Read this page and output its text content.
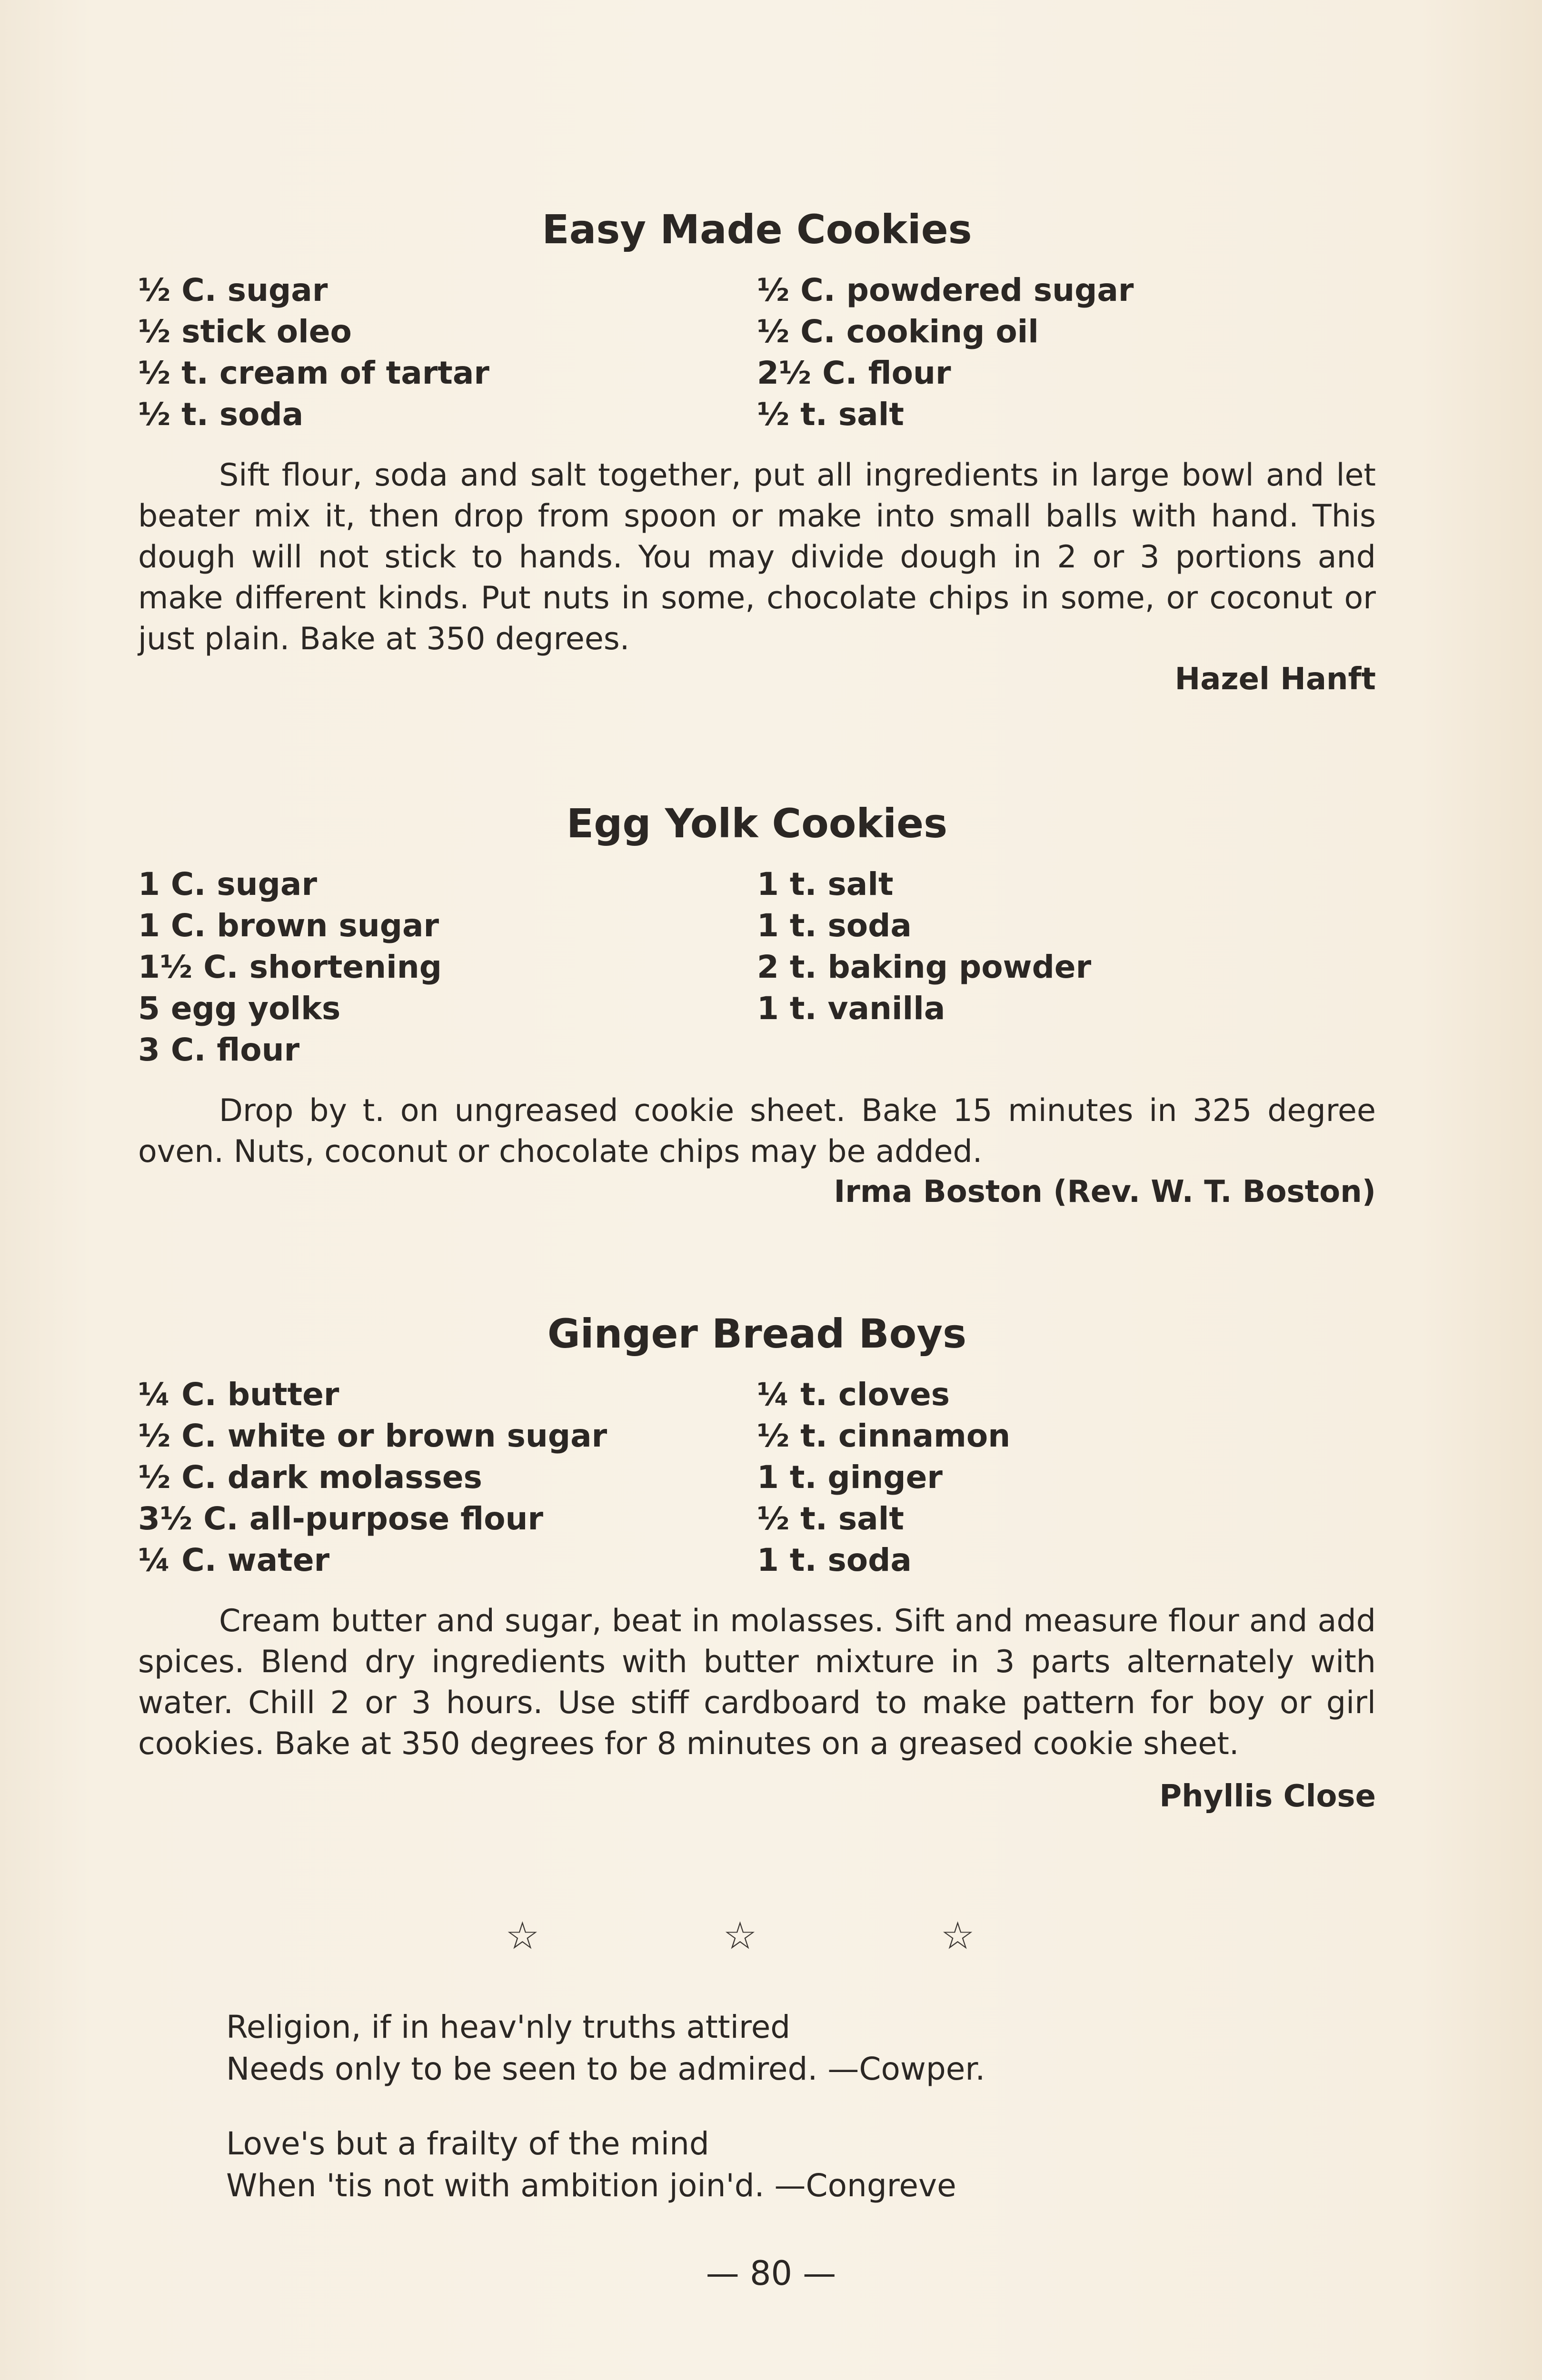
Easy Made Cookies
½ C. sugar
½ stick oleo
½ t. cream of tartar
½ t. soda
½ C. powdered sugar
½ C. cooking oil
2½ C. flour
½ t. salt

Sift flour, soda and salt together, put all ingredients in large bowl and let beater mix it, then drop from spoon or make into small balls with hand. This dough will not stick to hands. You may divide dough in 2 or 3 portions and make different kinds. Put nuts in some, chocolate chips in some, or coconut or just plain. Bake at 350 degrees.

Hazel Hanft
Egg Yolk Cookies
1 C. sugar
1 C. brown sugar
1½ C. shortening
5 egg yolks
3 C. flour
1 t. salt
1 t. soda
2 t. baking powder
1 t. vanilla

Drop by t. on ungreased cookie sheet. Bake 15 minutes in 325 degree oven. Nuts, coconut or chocolate chips may be added.

Irma Boston (Rev. W. T. Boston)
Ginger Bread Boys
¼ C. butter
½ C. white or brown sugar
½ C. dark molasses
3½ C. all-purpose flour
¼ C. water
¼ t. cloves
½ t. cinnamon
1 t. ginger
½ t. salt
1 t. soda

Cream butter and sugar, beat in molasses. Sift and measure flour and add spices. Blend dry ingredients with butter mixture in 3 parts alternately with water. Chill 2 or 3 hours. Use stiff cardboard to make pattern for boy or girl cookies. Bake at 350 degrees for 8 minutes on a greased cookie sheet.

Phyllis Close
☆	☆	☆
Religion, if in heav'nly truths attired
Needs only to be seen to be admired. —Cowper.
Love's but a frailty of the mind
When 'tis not with ambition join'd. —Congreve
— 80 —
